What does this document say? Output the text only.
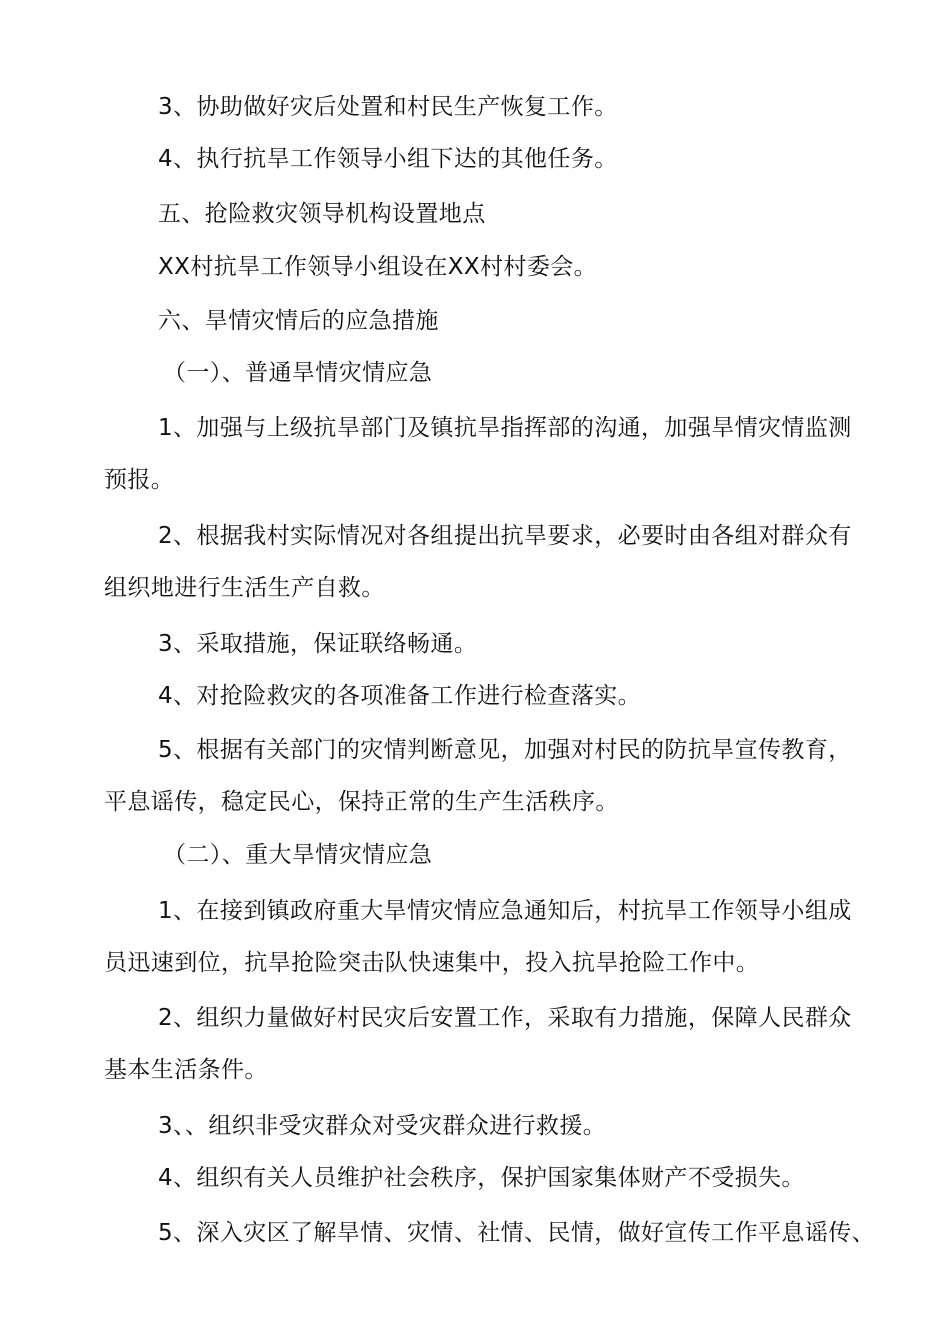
3、协助做好灾后处置和村民生产恢复工作。
4、执行抗旱工作领导小组下达的其他任务。
五、抢险救灾领导机构设置地点
XX村抗旱工作领导小组设在XX村村委会。
六、旱情灾情后的应急措施
（一）、普通旱情灾情应急
1、加强与上级抗旱部门及镇抗旱指挥部的沟通，加强旱情灾情监测
预报。
2、根据我村实际情况对各组提出抗旱要求，必要时由各组对群众有
组织地进行生活生产自救。
3、采取措施，保证联络畅通。
4、对抢险救灾的各项准备工作进行检查落实。
5、根据有关部门的灾情判断意见，加强对村民的防抗旱宣传教育，
平息谣传，稳定民心，保持正常的生产生活秩序。
（二）、重大旱情灾情应急
1、在接到镇政府重大旱情灾情应急通知后，村抗旱工作领导小组成
员迅速到位，抗旱抢险突击队快速集中，投入抗旱抢险工作中。
2、组织力量做好村民灾后安置工作，采取有力措施，保障人民群众
基本生活条件。
3、、组织非受灾群众对受灾群众进行救援。
4、组织有关人员维护社会秩序，保护国家集体财产不受损失。
5、深入灾区了解旱情、灾情、社情、民情，做好宣传工作平息谣传、
